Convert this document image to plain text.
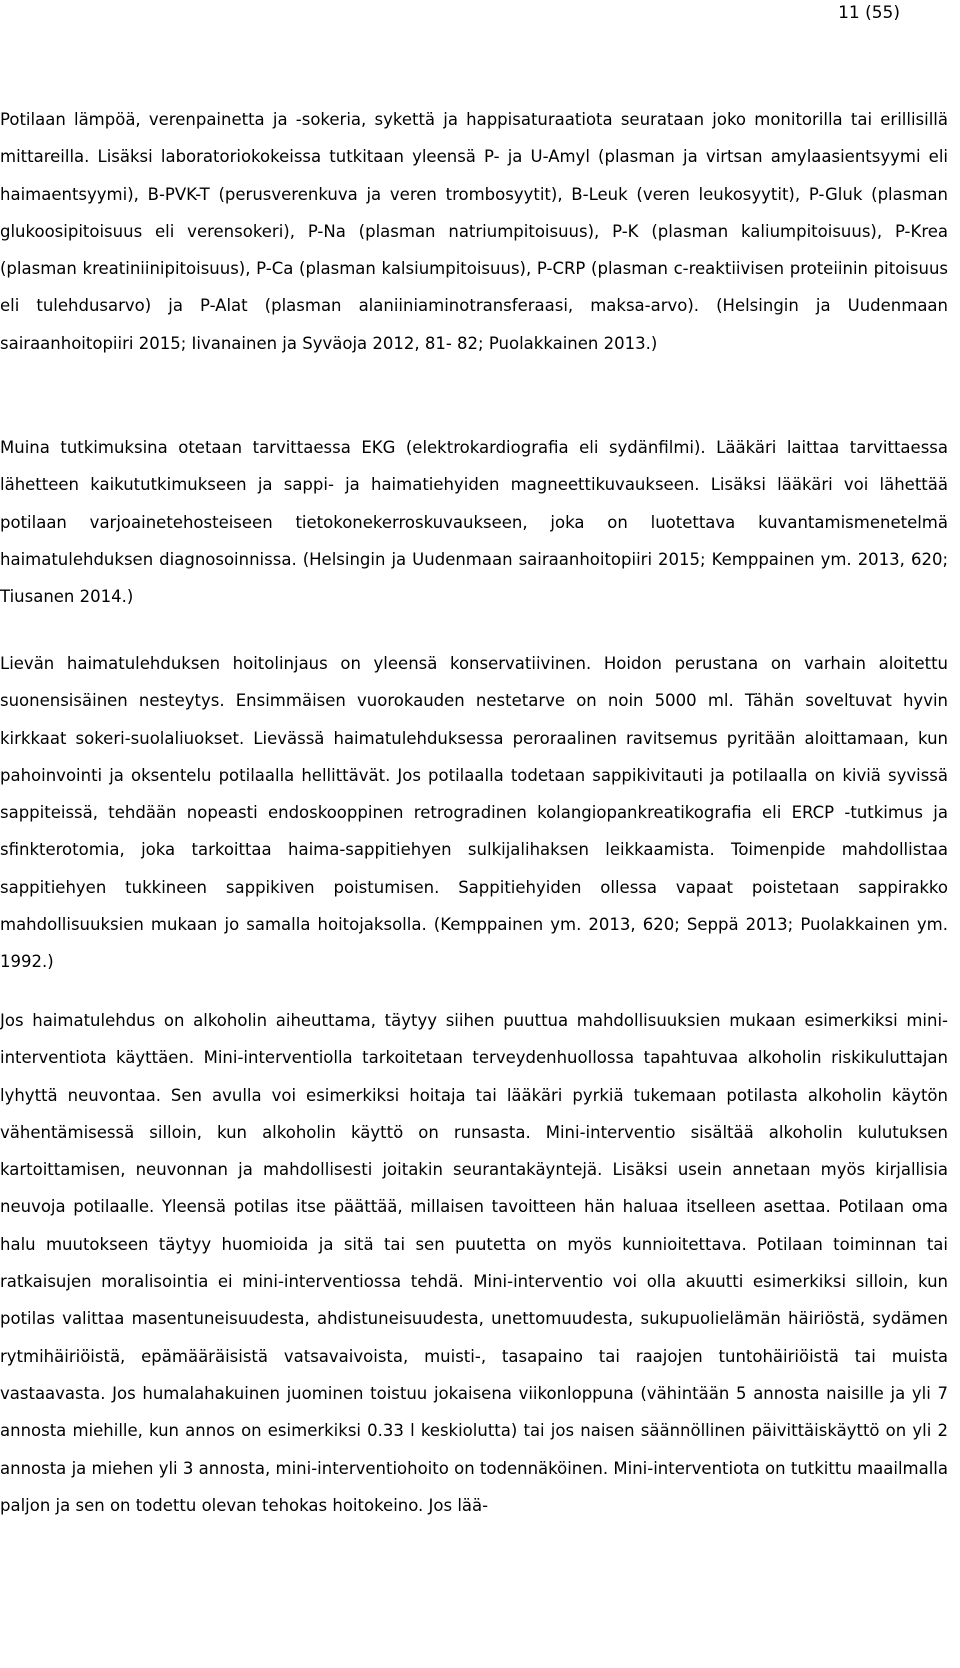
11 (55)

Potilaan lämpöä, verenpainetta ja -sokeria, sykettä ja happisaturaatiota seurataan joko monitorilla tai erillisillä mittareilla. Lisäksi laboratoriokokeissa tutkitaan yleensä P- ja U-Amyl (plasman ja virtsan amylaasientsyymi eli haimaentsyymi), B-PVK-T (perusverenkuva ja veren trombosyytit), B-Leuk (veren leukosyytit), P-Gluk (plasman glukoosipitoisuus eli verensokeri), P-Na (plasman natriumpitoisuus), P-K (plasman kaliumpitoisuus), P-Krea (plasman kreatiniinipitoisuus), P-Ca (plasman kalsiumpitoisuus), P-CRP (plasman c-reaktiivisen proteiinin pitoisuus eli tulehdusarvo) ja P-Alat (plasman alaniiniaminotransferaasi, maksa-arvo). (Helsingin ja Uudenmaan sairaanhoitopiiri 2015; Iivanainen ja Syväoja 2012, 81- 82; Puolakkainen 2013.)

Muina tutkimuksina otetaan tarvittaessa EKG (elektrokardiografia eli sydänfilmi). Lääkäri laittaa tarvittaessa lähetteen kaikututkimukseen ja sappi- ja haimatiehyiden magneettikuvaukseen. Lisäksi lääkäri voi lähettää potilaan varjoainetehosteiseen tietokonekerroskuvaukseen, joka on luotettava kuvantamismenetelmä haimatulehduksen diagnosoinnissa. (Helsingin ja Uudenmaan sairaanhoitopiiri 2015; Kemppainen ym. 2013, 620; Tiusanen 2014.)

Lievän haimatulehduksen hoitolinjaus on yleensä konservatiivinen. Hoidon perustana on varhain aloitettu suonensisäinen nesteytys. Ensimmäisen vuorokauden nestetarve on noin 5000 ml. Tähän soveltuvat hyvin kirkkaat sokeri-suolaliuokset. Lievässä haimatulehduksessa peroraalinen ravitsemus pyritään aloittamaan, kun pahoinvointi ja oksentelu potilaalla hellittävät. Jos potilaalla todetaan sappikivitauti ja potilaalla on kiviä syvissä sappiteissä, tehdään nopeasti endoskooppinen retrogradinen kolangiopankreatikografia eli ERCP -tutkimus ja sfinkterotomia, joka tarkoittaa haima-sappitiehyen sulkijalihaksen leikkaamista. Toimenpide mahdollistaa sappitiehyen tukkineen sappikiven poistumisen. Sappitiehyiden ollessa vapaat poistetaan sappirakko mahdollisuuksien mukaan jo samalla hoitojaksolla. (Kemppainen ym. 2013, 620; Seppä 2013; Puolakkainen ym. 1992.)

Jos haimatulehdus on alkoholin aiheuttama, täytyy siihen puuttua mahdollisuuksien mukaan esimerkiksi mini-interventiota käyttäen. Mini-interventiolla tarkoitetaan terveydenhuollossa tapahtuvaa alkoholin riskikuluttajan lyhyttä neuvontaa. Sen avulla voi esimerkiksi hoitaja tai lääkäri pyrkiä tukemaan potilasta alkoholin käytön vähentämisessä silloin, kun alkoholin käyttö on runsasta. Mini-interventio sisältää alkoholin kulutuksen kartoittamisen, neuvonnan ja mahdollisesti joitakin seurantakäyntejä. Lisäksi usein annetaan myös kirjallisia neuvoja potilaalle. Yleensä potilas itse päättää, millaisen tavoitteen hän haluaa itselleen asettaa. Potilaan oma halu muutokseen täytyy huomioida ja sitä tai sen puutetta on myös kunnioitettava. Potilaan toiminnan tai ratkaisujen moralisointia ei mini-interventiossa tehdä. Mini-interventio voi olla akuutti esimerkiksi silloin, kun potilas valittaa masentuneisuudesta, ahdistuneisuudesta, unettomuudesta, sukupuolielämän häiriöstä, sydämen rytmihäiriöistä, epämääräisistä vatsavaivoista, muisti-, tasapaino tai raajojen tuntohäiriöistä tai muista vastaavasta. Jos humalahakuinen juominen toistuu jokaisena viikonloppuna (vähintään 5 annosta naisille ja yli 7 annosta miehille, kun annos on esimerkiksi 0.33 l keskiolutta) tai jos naisen säännöllinen päivittäiskäyttö on yli 2 annosta ja miehen yli 3 annosta, mini-interventiohoito on todennäköinen. Mini-interventiota on tutkittu maailmalla paljon ja sen on todettu olevan tehokas hoitokeino. Jos lää-
